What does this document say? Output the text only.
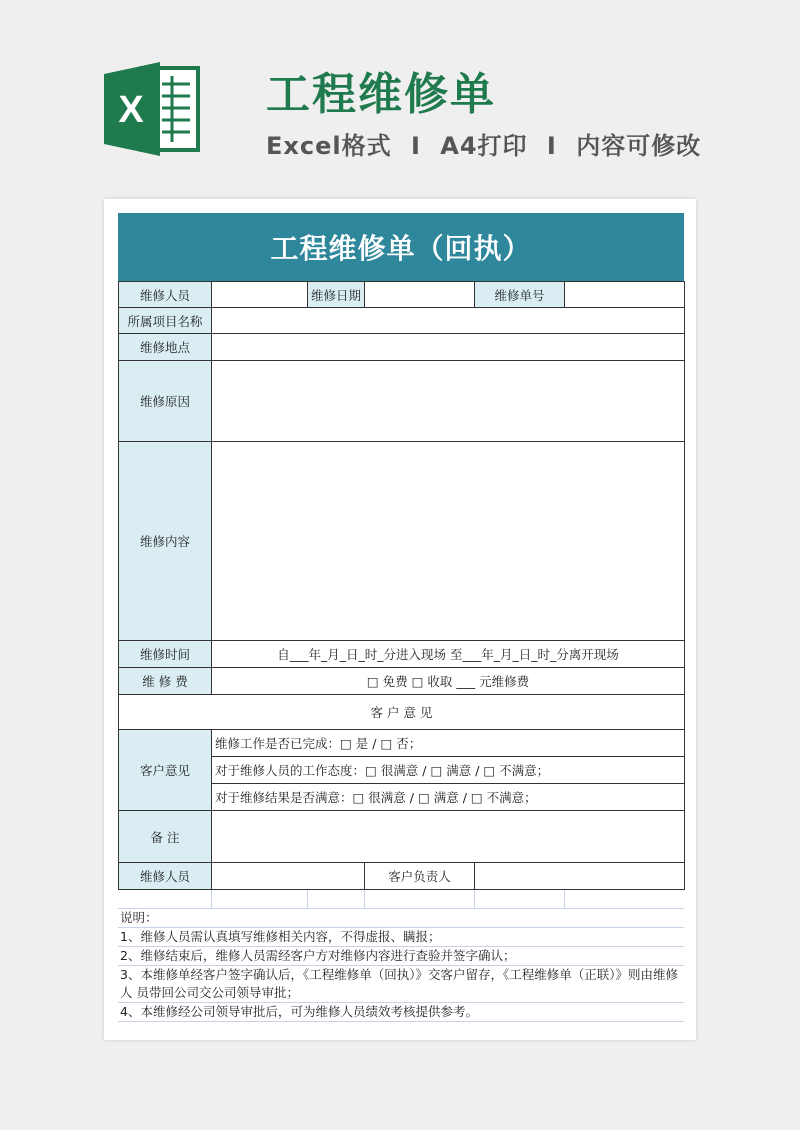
X	工程维修单
Excel格式 I A4打印 I 内容可修改
工程维修单（回执）
维修人员		维修日期		维修单号	
所属项目名称					
维修地点					
维修原因					
维修内容					
维修时间	自___年_月_日_时_分进入现场 至___年_月_日_时_分离开现场				
维 修 费	□ 免费 □ 收取 ___ 元维修费				
客 户 意 见					
客户意见	维修工作是否已完成：□ 是 / □ 否；				
	对于维修人员的工作态度：□ 很满意 / □ 满意 / □ 不满意；				
	对于维修结果是否满意：□ 很满意 / □ 满意 / □ 不满意；				
备 注					
维修人员			客户负责人		
说明：
1、维修人员需认真填写维修相关内容，不得虚报、瞒报；
2、维修结束后，维修人员需经客户方对维修内容进行查验并签字确认；
3、本维修单经客户签字确认后，《工程维修单（回执）》交客户留存，《工程维修单（正联）》则由维修人 员带回公司交公司领导审批；
4、本维修经公司领导审批后，可为维修人员绩效考核提供参考。
